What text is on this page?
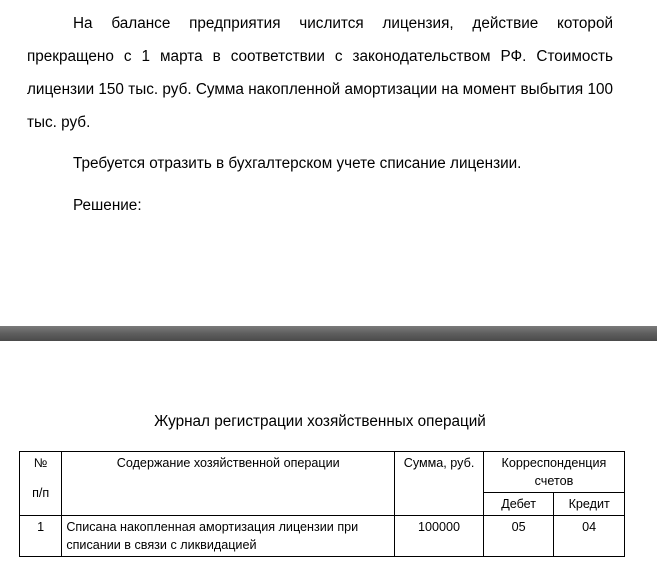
На балансе предприятия числится лицензия, действие которой прекращено с 1 марта в соответствии с законодательством РФ. Стоимость лицензии 150 тыс. руб. Сумма накопленной амортизации на момент выбытия 100 тыс. руб.

Требуется отразить в бухгалтерском учете списание лицензии.

Решение:

Журнал регистрации хозяйственных операций

№
п/п	Содержание хозяйственной операции	Сумма, руб.	Корреспонденция счетов	
			Дебет	Кредит
1	Списана накопленная амортизация лицензии при списании в связи с ликвидацией	100000	05	04
